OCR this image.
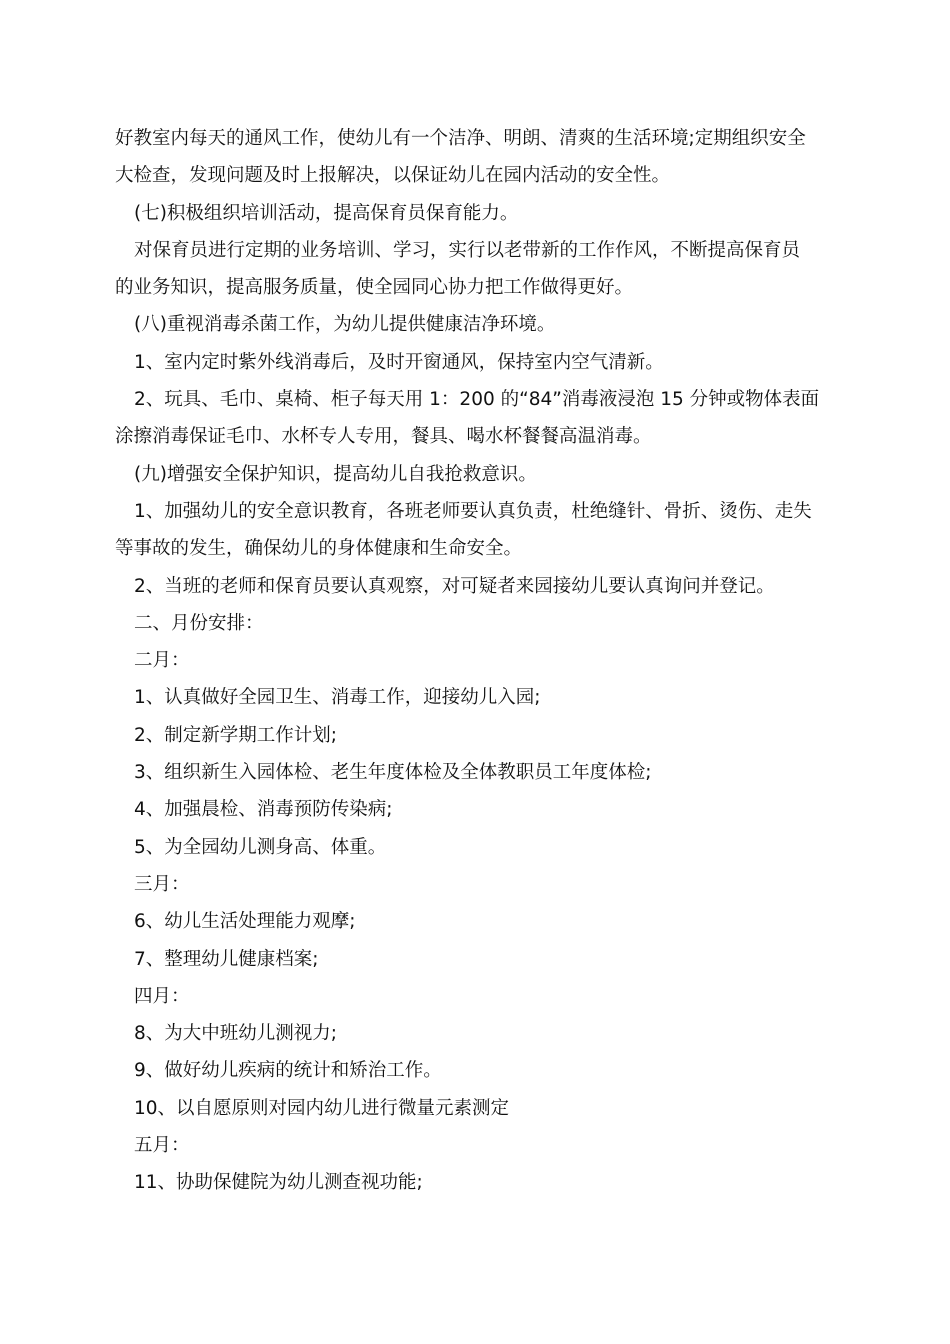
好教室内每天的通风工作，使幼儿有一个洁净、明朗、清爽的生活环境;定期组织安全
大检查，发现问题及时上报解决，以保证幼儿在园内活动的安全性。
(七)积极组织培训活动，提高保育员保育能力。
对保育员进行定期的业务培训、学习，实行以老带新的工作作风，不断提高保育员
的业务知识，提高服务质量，使全园同心协力把工作做得更好。
(八)重视消毒杀菌工作，为幼儿提供健康洁净环境。
1、室内定时紫外线消毒后，及时开窗通风，保持室内空气清新。
2、玩具、毛巾、桌椅、柜子每天用 1：200 的“84”消毒液浸泡 15 分钟或物体表面
涂擦消毒保证毛巾、水杯专人专用，餐具、喝水杯餐餐高温消毒。
(九)增强安全保护知识，提高幼儿自我抢救意识。
1、加强幼儿的安全意识教育，各班老师要认真负责，杜绝缝针、骨折、烫伤、走失
等事故的发生，确保幼儿的身体健康和生命安全。
2、当班的老师和保育员要认真观察，对可疑者来园接幼儿要认真询问并登记。
二、月份安排：
二月：
1、认真做好全园卫生、消毒工作，迎接幼儿入园;
2、制定新学期工作计划;
3、组织新生入园体检、老生年度体检及全体教职员工年度体检;
4、加强晨检、消毒预防传染病;
5、为全园幼儿测身高、体重。
三月：
6、幼儿生活处理能力观摩;
7、整理幼儿健康档案;
四月：
8、为大中班幼儿测视力;
9、做好幼儿疾病的统计和矫治工作。
10、以自愿原则对园内幼儿进行微量元素测定
五月：
11、协助保健院为幼儿测查视功能;
